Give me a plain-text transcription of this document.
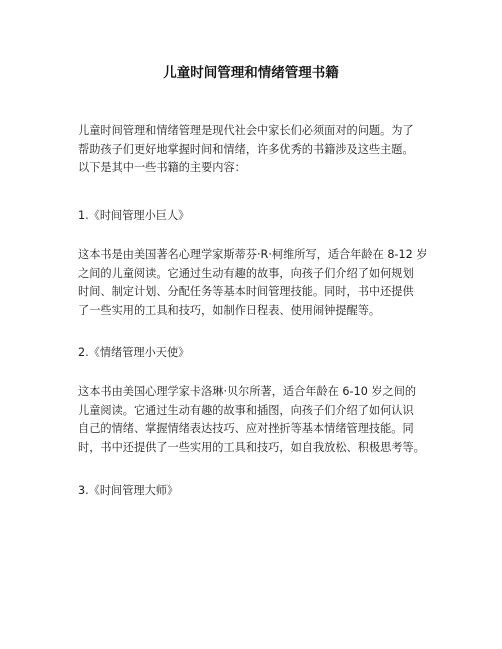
儿童时间管理和情绪管理书籍

儿童时间管理和情绪管理是现代社会中家长们必须面对的问题。为了
帮助孩子们更好地掌握时间和情绪，许多优秀的书籍涉及这些主题。
以下是其中一些书籍的主要内容：

1.《时间管理小巨人》

这本书是由美国著名心理学家斯蒂芬·R·柯维所写，适合年龄在 8-12 岁
之间的儿童阅读。它通过生动有趣的故事，向孩子们介绍了如何规划
时间、制定计划、分配任务等基本时间管理技能。同时，书中还提供
了一些实用的工具和技巧，如制作日程表、使用闹钟提醒等。

2.《情绪管理小天使》

这本书由美国心理学家卡洛琳·贝尔所著，适合年龄在 6-10 岁之间的
儿童阅读。它通过生动有趣的故事和插图，向孩子们介绍了如何认识
自己的情绪、掌握情绪表达技巧、应对挫折等基本情绪管理技能。同
时，书中还提供了一些实用的工具和技巧，如自我放松、积极思考等。

3.《时间管理大师》
